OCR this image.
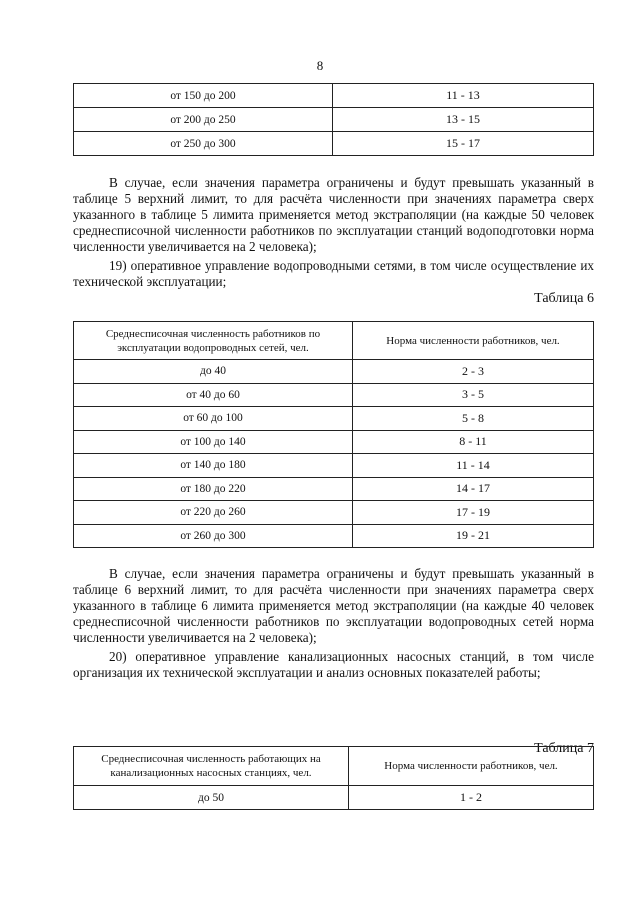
8
от 150 до 200	11 - 13
от 200 до 250	13 - 15
от 250 до 300	15 - 17
В случае, если значения параметра ограничены и будут превышать указанный в таблице 5 верхний лимит, то для расчёта численности при значениях параметра сверх указанного в таблице 5 лимита применяется метод экстраполяции (на каждые 50 человек среднесписочной численности работников по эксплуатации станций водоподготовки норма численности увеличивается на 2 человека);
19) оперативное управление водопроводными сетями, в том числе осуществление их технической эксплуатации;
Таблица 6
Среднесписочная численность работников по эксплуатации водопроводных сетей, чел.	Норма численности работников, чел.
до 40	2 - 3
от 40 до 60	3 - 5
от 60 до 100	5 - 8
от 100 до 140	8 - 11
от 140 до 180	11 - 14
от 180 до 220	14 - 17
от 220 до 260	17 - 19
от 260 до 300	19 - 21
В случае, если значения параметра ограничены и будут превышать указанный в таблице 6 верхний лимит, то для расчёта численности при значениях параметра сверх указанного в таблице 6 лимита применяется метод экстраполяции (на каждые 40 человек среднесписочной численности работников по эксплуатации водопроводных сетей норма численности увеличивается на 2 человека);
20) оперативное управление канализационных насосных станций, в том числе организация их технической эксплуатации и анализ основных показателей работы;
Таблица 7
Среднесписочная численность работающих на канализационных насосных станциях, чел.	Норма численности работников, чел.
до 50	1 - 2
